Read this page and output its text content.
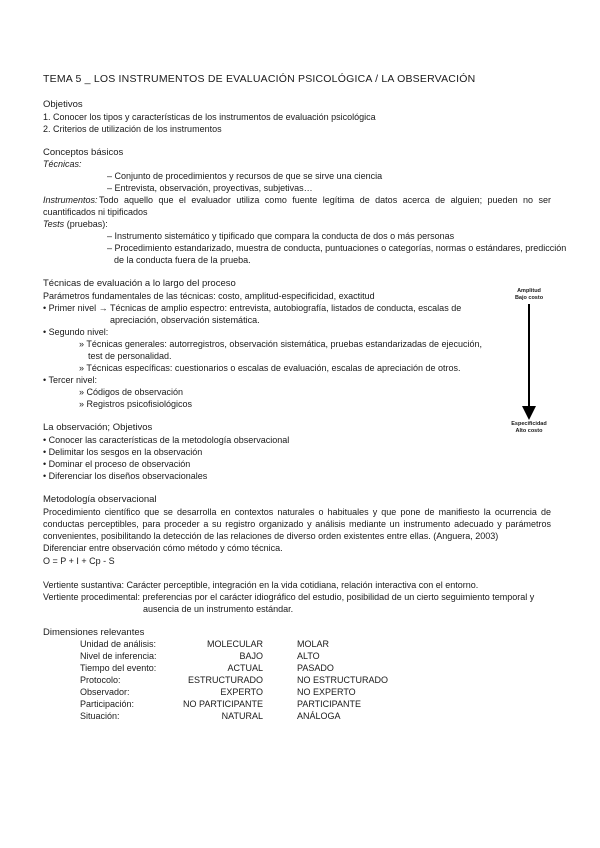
TEMA 5 _ LOS INSTRUMENTOS DE EVALUACIÓN PSICOLÓGICA / LA OBSERVACIÓN
Objetivos
1. Conocer los tipos y características de los instrumentos de evaluación psicológica
2. Criterios de utilización de los instrumentos
Conceptos básicos
Técnicas:
– Conjunto de procedimientos y recursos de que se sirve una ciencia
– Entrevista, observación, proyectivas, subjetivas…
Instrumentos: Todo aquello que el evaluador utiliza como fuente legítima de datos acerca de alguien; pueden no ser
cuantificados ni tipificados
Tests (pruebas):
– Instrumento sistemático y tipificado que compara la conducta de dos o más personas
– Procedimiento estandarizado, muestra de conducta, puntuaciones o categorías, normas o estándares, predicción
de la conducta fuera de la prueba.
Técnicas de evaluación a lo largo del proceso
Parámetros fundamentales de las técnicas: costo, amplitud-especificidad, exactitud
• Primer nivel → Técnicas de amplio espectro: entrevista, autobiografía, listados de conducta, escalas de
apreciación, observación sistemática.
• Segundo nivel:
» Técnicas generales: autorregistros, observación sistemática, pruebas estandarizadas de ejecución,
test de personalidad.
» Técnicas específicas: cuestionarios o escalas de evaluación, escalas de apreciación de otros.
• Tercer nivel:
» Códigos de observación
» Registros psicofisiológicos
Amplitud
Bajo costo
Especificidad
Alto costo
La observación; Objetivos
• Conocer las características de la metodología observacional
• Delimitar los sesgos en la observación
• Dominar el proceso de observación
• Diferenciar los diseños observacionales
Metodología observacional
Procedimiento científico que se desarrolla en contextos naturales o habituales y que pone de manifiesto la ocurrencia de
conductas perceptibles, para proceder a su registro organizado y análisis mediante un instrumento adecuado y parámetros
convenientes, posibilitando la detección de las relaciones de diverso orden existentes entre ellas. (Anguera, 2003)
Diferenciar entre observación cómo método y cómo técnica.
O = P + I + Cp - S
Vertiente sustantiva: Carácter perceptible, integración en la vida cotidiana, relación interactiva con el entorno.
Vertiente procedimental: preferencias por el carácter idiográfico del estudio, posibilidad de un cierto seguimiento temporal y
ausencia de un instrumento estándar.
Dimensiones relevantes
Unidad de análisis:	MOLECULAR	MOLAR
Nivel de inferencia:	BAJO	ALTO
Tiempo del evento:	ACTUAL	PASADO
Protocolo:	ESTRUCTURADO	NO ESTRUCTURADO
Observador:	EXPERTO	NO EXPERTO
Participación:	NO PARTICIPANTE	PARTICIPANTE
Situación:	NATURAL	ANÁLOGA
